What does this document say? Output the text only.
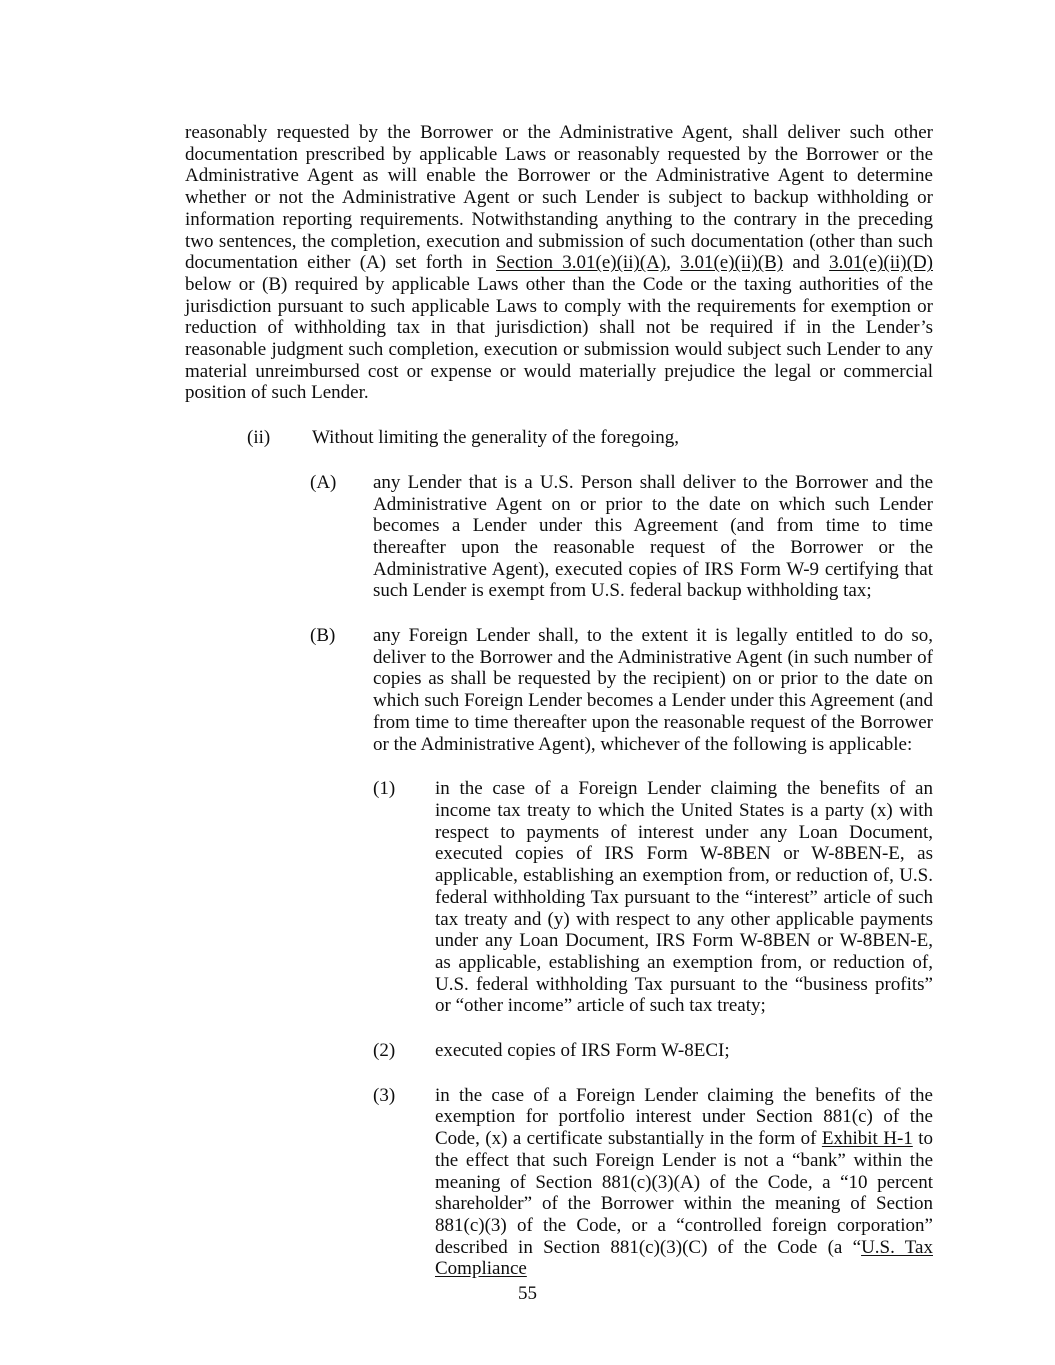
reasonably requested by the Borrower or the Administrative Agent, shall deliver such other documentation prescribed by applicable Laws or reasonably requested by the Borrower or the Administrative Agent as will enable the Borrower or the Administrative Agent to determine whether or not the Administrative Agent or such Lender is subject to backup withholding or information reporting requirements. Notwithstanding anything to the contrary in the preceding two sentences, the completion, execution and submission of such documentation (other than such documentation either (A) set forth in Section 3.01(e)(ii)(A), 3.01(e)(ii)(B) and 3.01(e)(ii)(D) below or (B) required by applicable Laws other than the Code or the taxing authorities of the jurisdiction pursuant to such applicable Laws to comply with the requirements for exemption or reduction of withholding tax in that jurisdiction) shall not be required if in the Lender’s reasonable judgment such completion, execution or submission would subject such Lender to any material unreimbursed cost or expense or would materially prejudice the legal or commercial position of such Lender.

(ii)	Without limiting the generality of the foregoing,
(A)	any Lender that is a U.S. Person shall deliver to the Borrower and the Administrative Agent on or prior to the date on which such Lender becomes a Lender under this Agreement (and from time to time thereafter upon the reasonable request of the Borrower or the Administrative Agent), executed copies of IRS Form W-9 certifying that such Lender is exempt from U.S. federal backup withholding tax;
(B)	any Foreign Lender shall, to the extent it is legally entitled to do so, deliver to the Borrower and the Administrative Agent (in such number of copies as shall be requested by the recipient) on or prior to the date on which such Foreign Lender becomes a Lender under this Agreement (and from time to time thereafter upon the reasonable request of the Borrower or the Administrative Agent), whichever of the following is applicable:
(1)	in the case of a Foreign Lender claiming the benefits of an income tax treaty to which the United States is a party (x) with respect to payments of interest under any Loan Document, executed copies of IRS Form W-8BEN or W-8BEN-E, as applicable, establishing an exemption from, or reduction of, U.S. federal withholding Tax pursuant to the “interest” article of such tax treaty and (y) with respect to any other applicable payments under any Loan Document, IRS Form W-8BEN or W-8BEN-E, as applicable, establishing an exemption from, or reduction of, U.S. federal withholding Tax pursuant to the “business profits” or “other income” article of such tax treaty;
(2)	executed copies of IRS Form W-8ECI;
(3)	in the case of a Foreign Lender claiming the benefits of the exemption for portfolio interest under Section 881(c) of the Code, (x) a certificate substantially in the form of Exhibit H-1 to the effect that such Foreign Lender is not a “bank” within the meaning of Section 881(c)(3)(A) of the Code, a “10 percent shareholder” of the Borrower within the meaning of Section 881(c)(3) of the Code, or a “controlled foreign corporation” described in Section 881(c)(3)(C) of the Code (a “U.S. Tax Compliance
55
